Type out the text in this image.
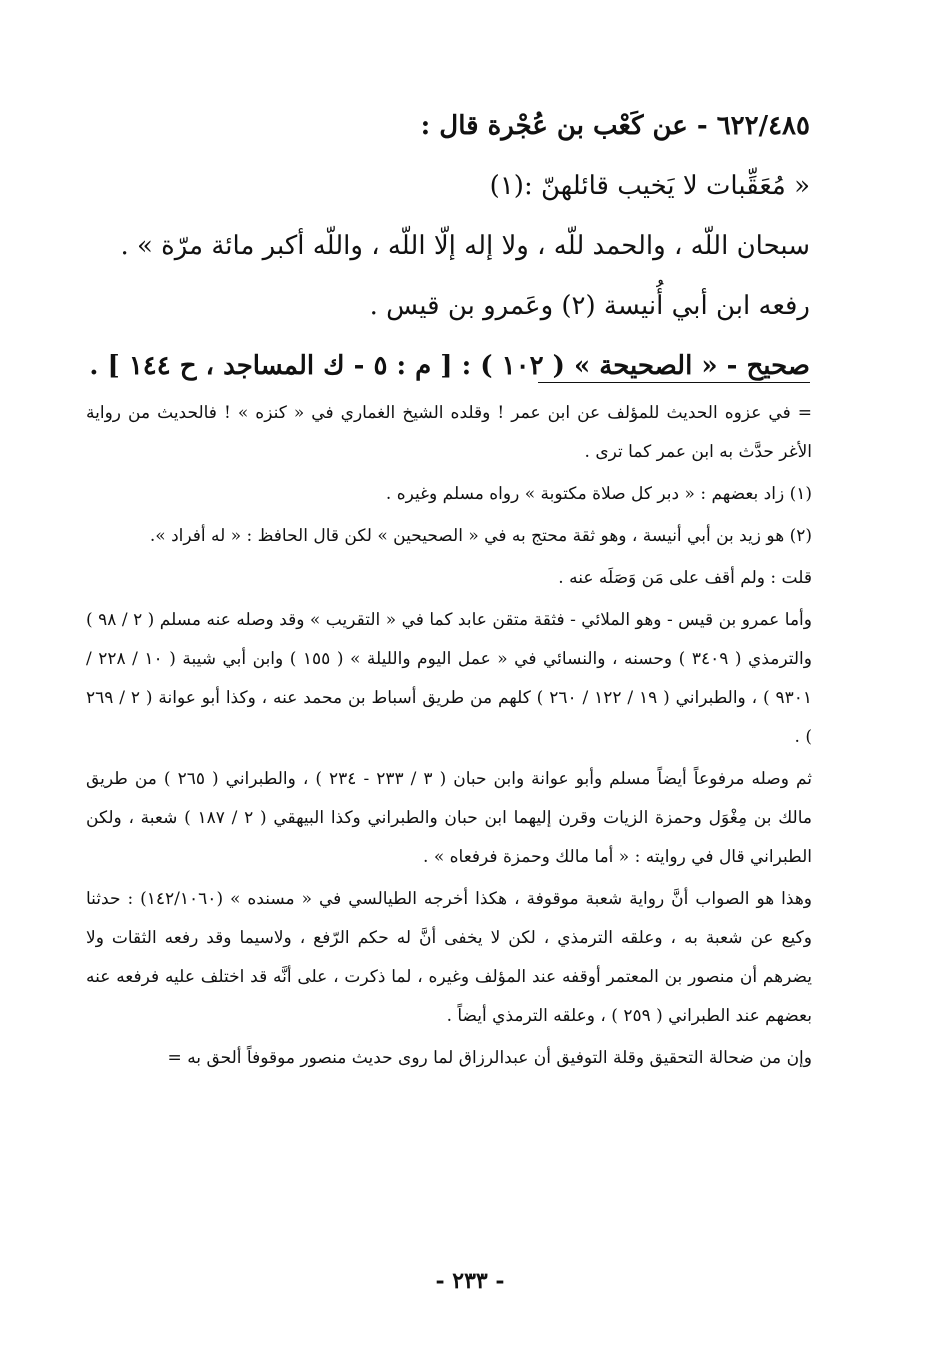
٦٢٢/٤٨٥ - عن كَعْب بن عُجْرة قال :
« مُعَقِّبات لا يَخيب قائلهنّ :(١)
سبحان اللّه ، والحمد للّه ، ولا إله إلّا اللّه ، واللّه أكبر مائة مرّة » .
رفعه ابن أبي أُنيسة (٢) وعَمرو بن قيس .
صحيح - « الصحيحة » ( ١٠٢ ) : [ م : ٥ - ك المساجد ، ح ١٤٤ ] .

= في عزوه الحديث للمؤلف عن ابن عمر ! وقلده الشيخ الغماري في « كنزه » ! فالحديث من رواية الأغر حدَّث به ابن عمر كما ترى .

(١) زاد بعضهم : « دبر كل صلاة مكتوبة » رواه مسلم وغيره .

(٢) هو زيد بن أبي أنيسة ، وهو ثقة محتج به في « الصحيحين » لكن قال الحافظ : « له أفراد ».

قلت : ولم أقف على مَن وَصَلَه عنه .

وأما عمرو بن قيس - وهو الملائي - فثقة متقن عابد كما في « التقريب » وقد وصله عنه مسلم ( ٢ / ٩٨ ) والترمذي ( ٣٤٠٩ ) وحسنه ، والنسائي في « عمل اليوم والليلة » ( ١٥٥ ) وابن أبي شيبة ( ١٠ / ٢٢٨ / ٩٣٠١ ) ، والطبراني ( ١٩ / ١٢٢ / ٢٦٠ ) كلهم من طريق أسباط بن محمد عنه ، وكذا أبو عوانة ( ٢ / ٢٦٩ ) .

ثم وصله مرفوعاً أيضاً مسلم وأبو عوانة وابن حبان ( ٣ / ٢٣٣ - ٢٣٤ ) ، والطبراني ( ٢٦٥ ) من طريق مالك بن مِغْوَل وحمزة الزيات وقرن إليهما ابن حبان والطبراني وكذا البيهقي ( ٢ / ١٨٧ ) شعبة ، ولكن الطبراني قال في روايته : « أما مالك وحمزة فرفعاه » .

وهذا هو الصواب أنَّ رواية شعبة موقوفة ، هكذا أخرجه الطيالسي في « مسنده » (١٤٢/١٠٦٠) : حدثنا وكيع عن شعبة به ، وعلقه الترمذي ، لكن لا يخفى أنَّ له حكم الرّفع ، ولاسيما وقد رفعه الثقات ولا يضرهم أن منصور بن المعتمر أوقفه عند المؤلف وغيره ، لما ذكرت ، على أنَّه قد اختلف عليه فرفعه عنه بعضهم عند الطبراني ( ٢٥٩ ) ، وعلقه الترمذي أيضاً .

وإن من ضحالة التحقيق وقلة التوفيق أن عبدالرزاق لما روى حديث منصور موقوفاً ألحق به =

- ٢٣٣ -
